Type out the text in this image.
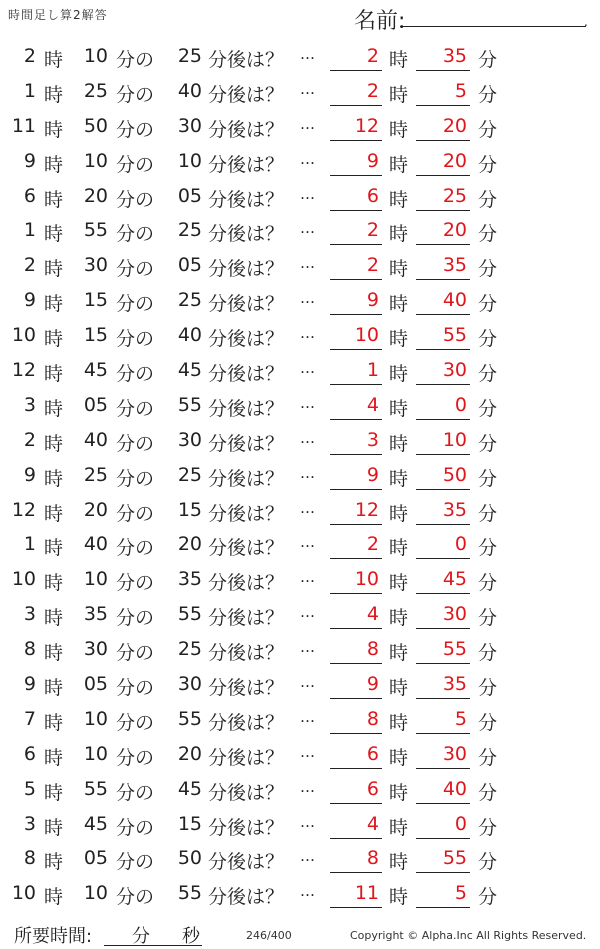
時間足し算2解答	名前:	.
2 時	10 分の	25 分後は？ …	2 時	35 分
1 時	25 分の	40 分後は？ …	2 時	5 分
11 時	50 分の	30 分後は？ …	12 時	20 分
9 時	10 分の	10 分後は？ …	9 時	20 分
6 時	20 分の	05 分後は？ …	6 時	25 分
1 時	55 分の	25 分後は？ …	2 時	20 分
2 時	30 分の	05 分後は？ …	2 時	35 分
9 時	15 分の	25 分後は？ …	9 時	40 分
10 時	15 分の	40 分後は？ …	10 時	55 分
12 時	45 分の	45 分後は？ …	1 時	30 分
3 時	05 分の	55 分後は？ …	4 時	0 分
2 時	40 分の	30 分後は？ …	3 時	10 分
9 時	25 分の	25 分後は？ …	9 時	50 分
12 時	20 分の	15 分後は？ …	12 時	35 分
1 時	40 分の	20 分後は？ …	2 時	0 分
10 時	10 分の	35 分後は？ …	10 時	45 分
3 時	35 分の	55 分後は？ …	4 時	30 分
8 時	30 分の	25 分後は？ …	8 時	55 分
9 時	05 分の	30 分後は？ …	9 時	35 分
7 時	10 分の	55 分後は？ …	8 時	5 分
6 時	10 分の	20 分後は？ …	6 時	30 分
5 時	55 分の	45 分後は？ …	6 時	40 分
3 時	45 分の	15 分後は？ …	4 時	0 分
8 時	05 分の	50 分後は？ …	8 時	55 分
10 時	10 分の	55 分後は？ …	11 時	5 分
所要時間: 分 秒	246/400	Copyright © Alpha.Inc All Rights Reserved.
